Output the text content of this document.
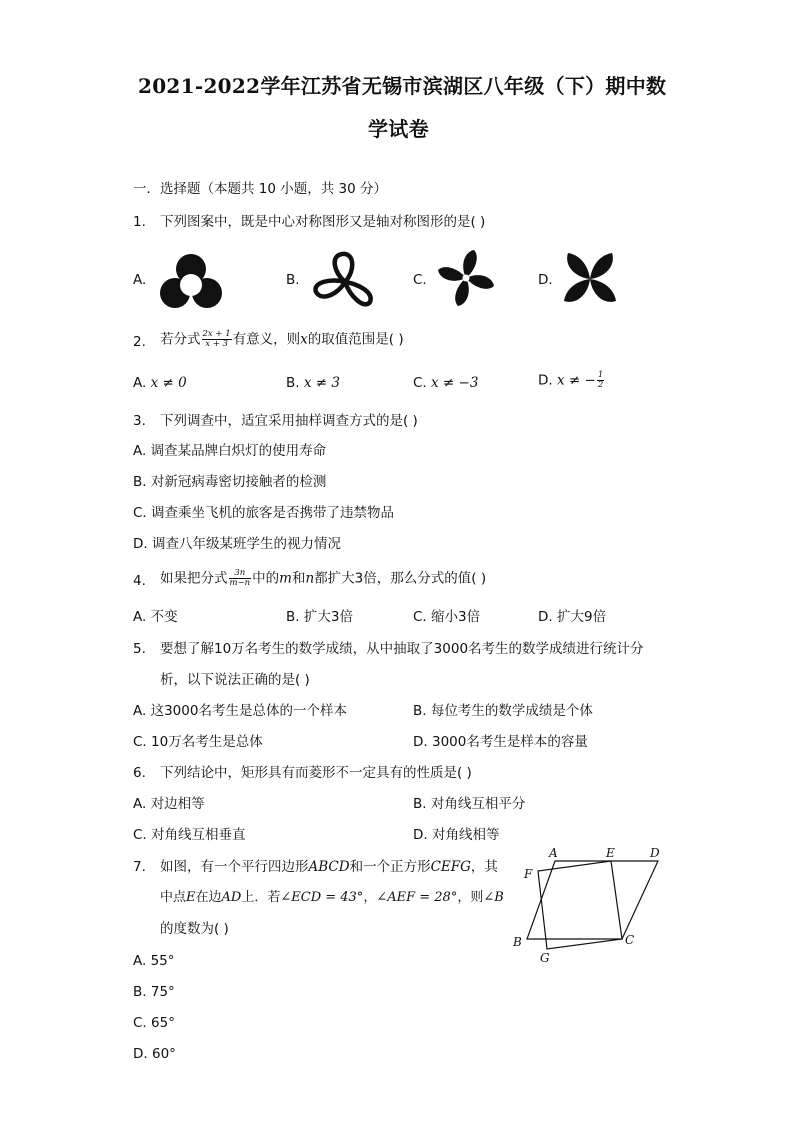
2021-2022学年江苏省无锡市滨湖区八年级（下）期中数
学试卷
一．选择题（本题共 10 小题，共 30 分）
1. 下列图案中，既是中心对称图形又是轴对称图形的是( )
A.	B.	C.	D.
2. 若分式 $\frac{2x + 1}{x + 3}$ 有意义，则x的取值范围是( )
A. x ≠ 0	B. x ≠ 3	C. x ≠ −3	D. x ≠ − $\frac{1}{2}$
3. 下列调查中，适宜采用抽样调查方式的是( )
A. 调查某品牌白炽灯的使用寿命
B. 对新冠病毒密切接触者的检测
C. 调查乘坐飞机的旅客是否携带了违禁物品
D. 调查八年级某班学生的视力情况
4. 如果把分式 $\frac{3n}{m-n}$ 中的m和n都扩大3倍，那么分式的值( )
A. 不变	B. 扩大3倍	C. 缩小3倍	D. 扩大9倍
5. 要想了解10万名考生的数学成绩，从中抽取了3000名考生的数学成绩进行统计分
析，以下说法正确的是( )
A. 这3000名考生是总体的一个样本	B. 每位考生的数学成绩是个体
C. 10万名考生是总体	D. 3000名考生是样本的容量
6. 下列结论中，矩形具有而菱形不一定具有的性质是( )
A. 对边相等	B. 对角线互相平分
C. 对角线互相垂直	D. 对角线相等
7. 如图，有一个平行四边形ABCD和一个正方形CEFG，其
中点E在边AD上．若∠ECD = 43°，∠AEF = 28°，则∠B
的度数为( )
A. 55°
B. 75°
C. 65°
D. 60°
A	E	D
F
B	C
G
